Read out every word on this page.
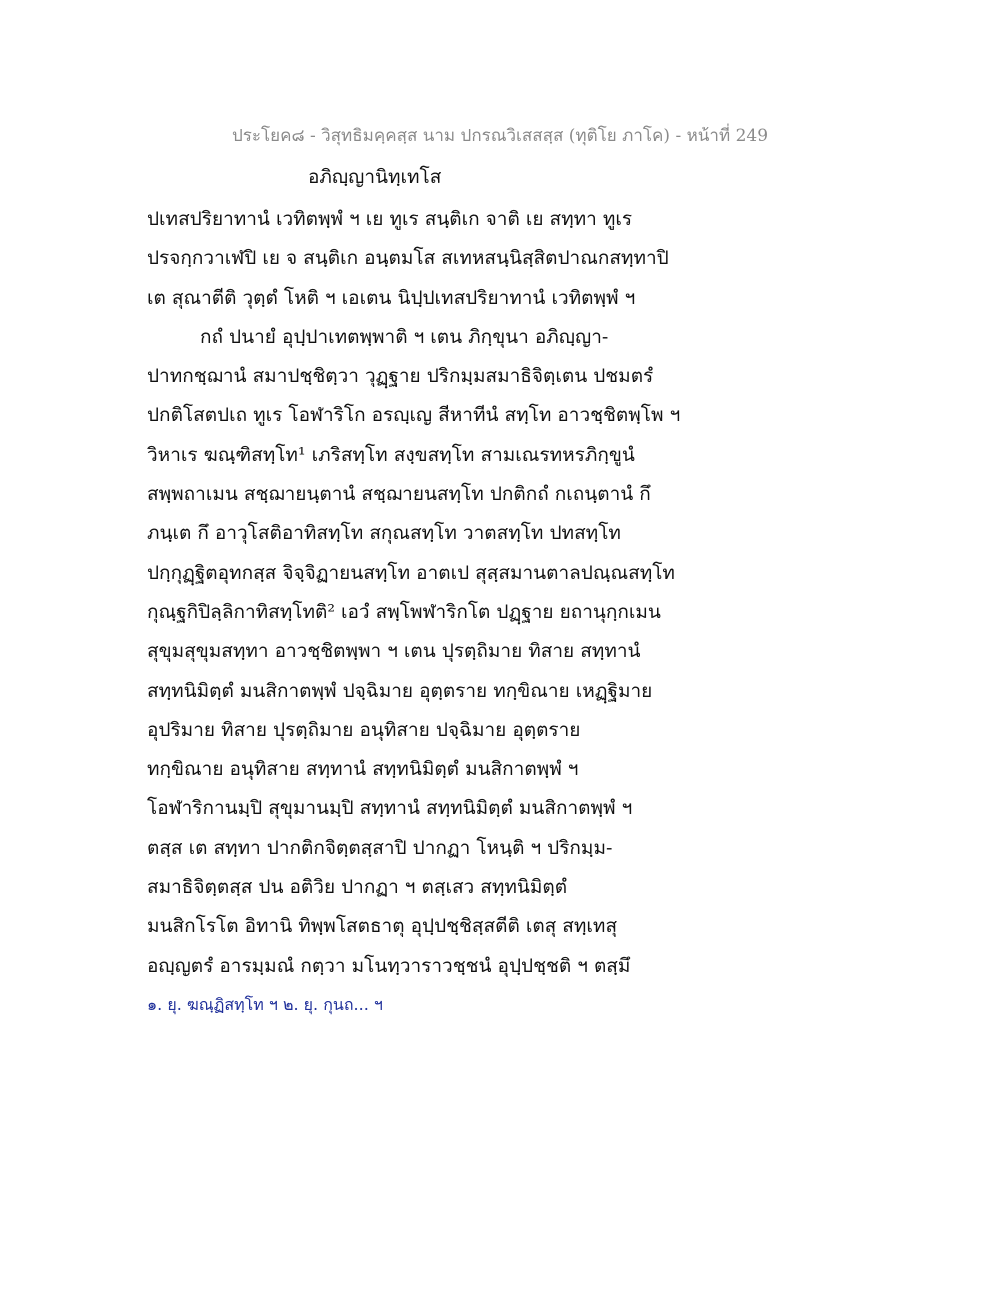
ประโยค๘ - วิสุทธิมคฺคสฺส นาม ปกรณวิเสสสฺส (ทุติโย ภาโค) - หน้าที่ 249
อภิญฺญานิทฺเทโส
ปเทสปริยาทานํ เวทิตพฺพํ ฯ เย ทูเร สนฺติเก จาติ เย สทฺทา ทูเร
ปรจกฺกวาเฬปิ เย จ สนฺติเก อนฺตมโส สเทหสนฺนิสฺสิตปาณกสทฺทาปิ
เต สุณาตีติ วุตฺตํ โหติ ฯ เอเตน นิปฺปเทสปริยาทานํ เวทิตพฺพํ ฯ
กถํ ปนายํ อุปฺปาเทตพฺพาติ ฯ เตน ภิกฺขุนา อภิญฺญา-
ปาทกชฺฌานํ สมาปชฺชิตฺวา วุฏฺฐาย ปริกมฺมสมาธิจิตฺเตน ปชมตรํ
ปกติโสตปเถ ทูเร โอฬาริโก อรญฺเญ สีหาทีนํ สทฺโท อาวชฺชิตพฺโพ ฯ
วิหาเร ฆณฺฑิสทฺโท¹ เภริสทฺโท สงฺขสทฺโท สามเณรทหรภิกฺขูนํ
สพฺพถาเมน สชฺฌายนฺตานํ สชฺฌายนสทฺโท ปกติกถํ กเถนฺตานํ กึ
ภนฺเต กึ อาวุโสติอาทิสทฺโท สกุณสทฺโท วาตสทฺโท ปทสทฺโท
ปกฺกุฏฺฐิตอุทกสฺส จิจฺจิฏายนสทฺโท อาตเป สุสฺสมานตาลปณฺณสทฺโท
กุณฺฐกิปิลฺลิกาทิสทฺโทติ² เอวํ สพฺโพฬาริกโต ปฏฺฐาย ยถานุกฺกเมน
สุขุมสุขุมสทฺทา อาวชฺชิตพฺพา ฯ เตน ปุรตฺถิมาย ทิสาย สทฺทานํ
สทฺทนิมิตฺตํ มนสิกาตพฺพํ ปจฺฉิมาย อุตฺตราย ทกฺขิณาย เหฏฺฐิมาย
อุปริมาย ทิสาย ปุรตฺถิมาย อนุทิสาย ปจฺฉิมาย อุตฺตราย
ทกฺขิณาย อนุทิสาย สทฺทานํ สทฺทนิมิตฺตํ มนสิกาตพฺพํ ฯ
โอฬาริกานมฺปิ สุขุมานมฺปิ สทฺทานํ สทฺทนิมิตฺตํ มนสิกาตพฺพํ ฯ
ตสฺส เต สทฺทา ปากติกจิตฺตสฺสาปิ ปากฏา โหนฺติ ฯ ปริกมฺม-
สมาธิจิตฺตสฺส ปน อติวิย ปากฏา ฯ ตสฺเสว สทฺทนิมิตฺตํ
มนสิกโรโต อิทานิ ทิพฺพโสตธาตุ อุปฺปชฺชิสฺสตีติ เตสุ สทฺเทสุ
อญฺญตรํ อารมฺมณํ กตฺวา มโนทฺวาราวชฺชนํ อุปฺปชฺชติ ฯ ตสฺมึ
๑. ยุ. ฆณฺฏิสทฺโท ฯ ๒. ยุ. กุนถ... ฯ
